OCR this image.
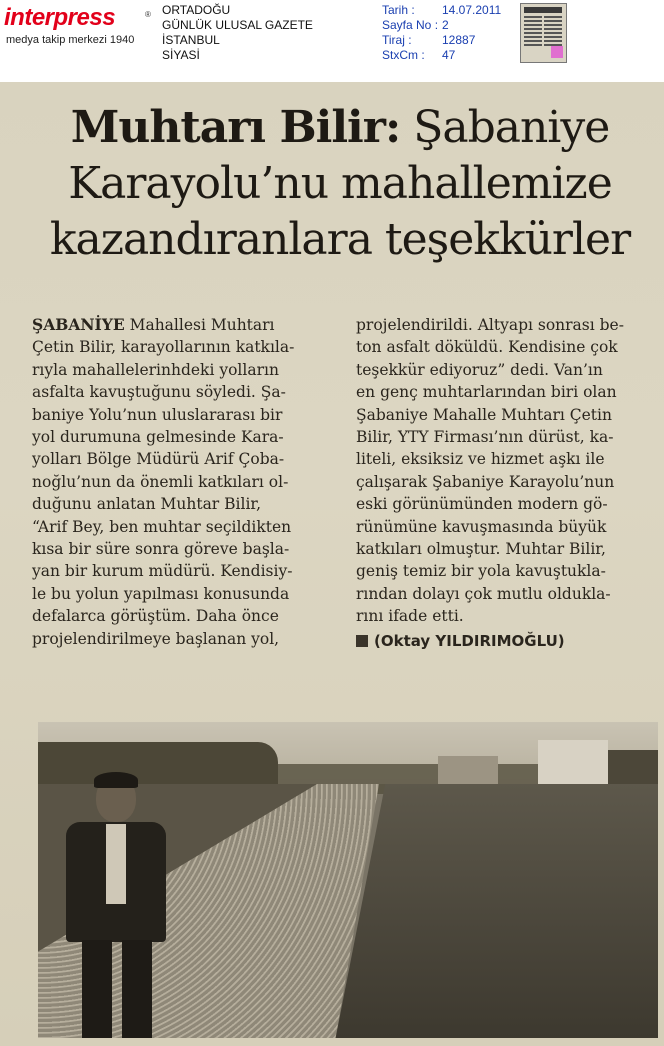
interpress	®
medya takip merkezi 1940
ORTADOĞU
GÜNLÜK ULUSAL GAZETE
İSTANBUL
SİYASİ
Tarih : 14.07.2011
Sayfa No : 2
Tiraj :	12887
StxCm : 47
Muhtarı Bilir: Şabaniye
Karayolu’nu mahallemize
kazandıranlara teşekkürler
ŞABANİYE Mahallesi Muhtarı
Çetin Bilir, karayollarının katkıla-
rıyla mahallelerinhdeki yolların
asfalta kavuştuğunu söyledi. Şa-
baniye Yolu’nun uluslararası bir
yol durumuna gelmesinde Kara-
yolları Bölge Müdürü Arif Çoba-
noğlu’nun da önemli katkıları ol-
duğunu anlatan Muhtar Bilir,
“Arif Bey, ben muhtar seçildikten
kısa bir süre sonra göreve başla-
yan bir kurum müdürü. Kendisiy-
le bu yolun yapılması konusunda
defalarca görüştüm. Daha önce
projelendirilmeye başlanan yol,
projelendirildi. Altyapı sonrası be-
ton asfalt döküldü. Kendisine çok
teşekkür ediyoruz” dedi. Van’ın
en genç muhtarlarından biri olan
Şabaniye Mahalle Muhtarı Çetin
Bilir, YTY Firması’nın dürüst, ka-
liteli, eksiksiz ve hizmet aşkı ile
çalışarak Şabaniye Karayolu’nun
eski görünümünden modern gö-
rünümüne kavuşmasında büyük
katkıları olmuştur. Muhtar Bilir,
geniş temiz bir yola kavuştukla-
rından dolayı çok mutlu oldukla-
rını ifade etti.
(Oktay YILDIRIMOĞLU)
